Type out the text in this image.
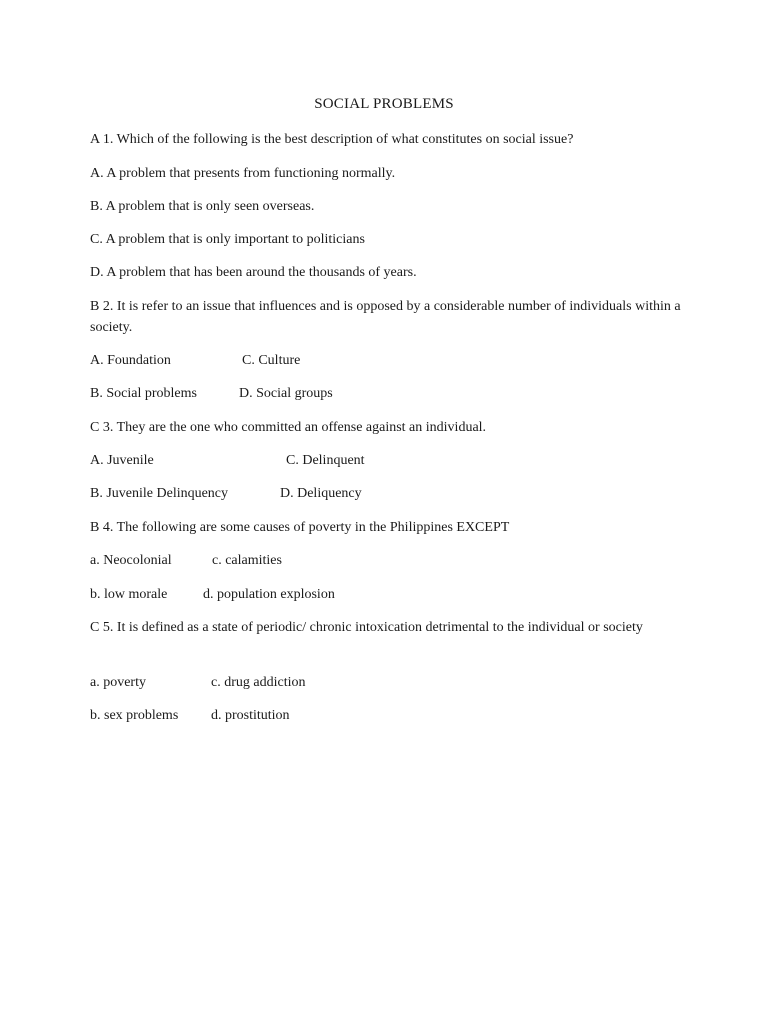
SOCIAL PROBLEMS
A 1. Which of the following is the best description of what constitutes on social issue?
A. A problem that presents from functioning normally.
B. A problem that is only seen overseas.
C. A problem that is only important to politicians
D. A problem that has been around the thousands of years.
B 2. It is refer to an issue that influences and is opposed by a considerable number of individuals within a society.
A. Foundation	C. Culture
B. Social problems	D. Social groups
C 3. They are the one who committed an offense against an individual.
A. Juvenile	C. Delinquent
B. Juvenile Delinquency	D. Deliquency
B 4. The following are some causes of poverty in the Philippines EXCEPT
a. Neocolonial	c. calamities
b. low morale	d. population explosion
C 5. It is defined as a state of periodic/ chronic intoxication detrimental to the individual or society
a. poverty	c. drug addiction
b. sex problems d. prostitution
